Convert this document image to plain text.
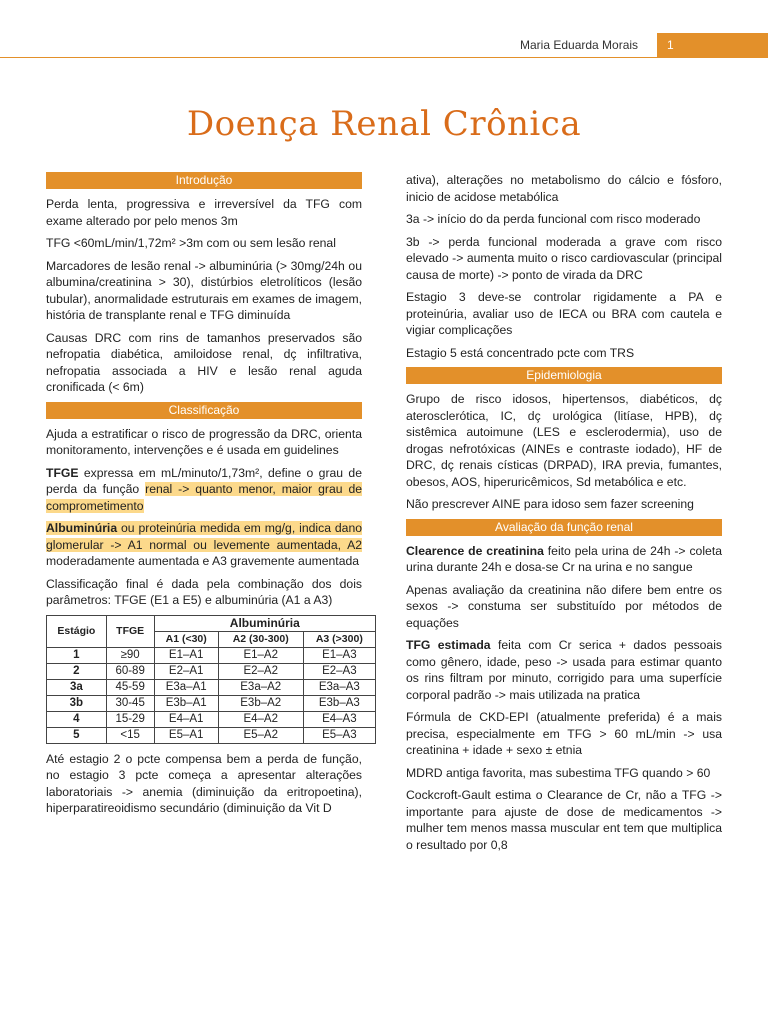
Maria Eduarda Morais 1
Doença Renal Crônica
Introdução

Perda lenta, progressiva e irreversível da TFG com exame alterado por pelo menos 3m

TFG <60mL/min/1,72m² >3m com ou sem lesão renal

Marcadores de lesão renal -> albuminúria (> 30mg/24h ou albumina/creatinina > 30), distúrbios eletrolíticos (lesão tubular), anormalidade estruturais em exames de imagem, história de transplante renal e TFG diminuída

Causas DRC com rins de tamanhos preservados são nefropatia diabética, amiloidose renal, dç infiltrativa, nefropatia associada a HIV e lesão renal aguda cronificada (< 6m)

Classificação

Ajuda a estratificar o risco de progressão da DRC, orienta monitoramento, intervenções e é usada em guidelines

TFGE expressa em mL/minuto/1,73m², define o grau de perda da função renal -> quanto menor, maior grau de comprometimento

Albuminúria ou proteinúria medida em mg/g, indica dano glomerular -> A1 normal ou levemente aumentada, A2 moderadamente aumentada e A3 gravemente aumentada

Classificação final é dada pela combinação dos dois parâmetros: TFGE (E1 a E5) e albuminúria (A1 a A3)

Estágio	TFGE	Albuminúria		
		A1 (<30)	A2 (30-300)	A3 (>300)
1	≥90	E1–A1	E1–A2	E1–A3
2	60-89	E2–A1	E2–A2	E2–A3
3a	45-59	E3a–A1	E3a–A2	E3a–A3
3b	30-45	E3b–A1	E3b–A2	E3b–A3
4	15-29	E4–A1	E4–A2	E4–A3
5	<15	E5–A1	E5–A2	E5–A3

Até estagio 2 o pcte compensa bem a perda de função, no estagio 3 pcte começa a apresentar alterações laboratoriais -> anemia (diminuição da eritropoetina), hiperparatireoidismo secundário (diminuição da Vit D

ativa), alterações no metabolismo do cálcio e fósforo, inicio de acidose metabólica

3a -> início do da perda funcional com risco moderado

3b -> perda funcional moderada a grave com risco elevado -> aumenta muito o risco cardiovascular (principal causa de morte) -> ponto de virada da DRC

Estagio 3 deve-se controlar rigidamente a PA e proteinúria, avaliar uso de IECA ou BRA com cautela e vigiar complicações

Estagio 5 está concentrado pcte com TRS

Epidemiologia

Grupo de risco idosos, hipertensos, diabéticos, dç aterosclerótica, IC, dç urológica (litíase, HPB), dç sistêmica autoimune (LES e esclerodermia), uso de drogas nefrotóxicas (AINEs e contraste iodado), HF de DRC, dç renais císticas (DRPAD), IRA previa, fumantes, obesos, AOS, hiperuricêmicos, Sd metabólica e etc.

Não prescrever AINE para idoso sem fazer screening

Avaliação da função renal

Clearence de creatinina feito pela urina de 24h -> coleta urina durante 24h e dosa-se Cr na urina e no sangue

Apenas avaliação da creatinina não difere bem entre os sexos -> constuma ser substituído por métodos de equações

TFG estimada feita com Cr serica + dados pessoais como gênero, idade, peso -> usada para estimar quanto os rins filtram por minuto, corrigido para uma superfície corporal padrão -> mais utilizada na pratica

Fórmula de CKD-EPI (atualmente preferida) é a mais precisa, especialmente em TFG > 60 mL/min -> usa creatinina + idade + sexo ± etnia

MDRD antiga favorita, mas subestima TFG quando > 60

Cockcroft-Gault estima o Clearance de Cr, não a TFG -> importante para ajuste de dose de medicamentos -> mulher tem menos massa muscular ent tem que multiplica o resultado por 0,8
